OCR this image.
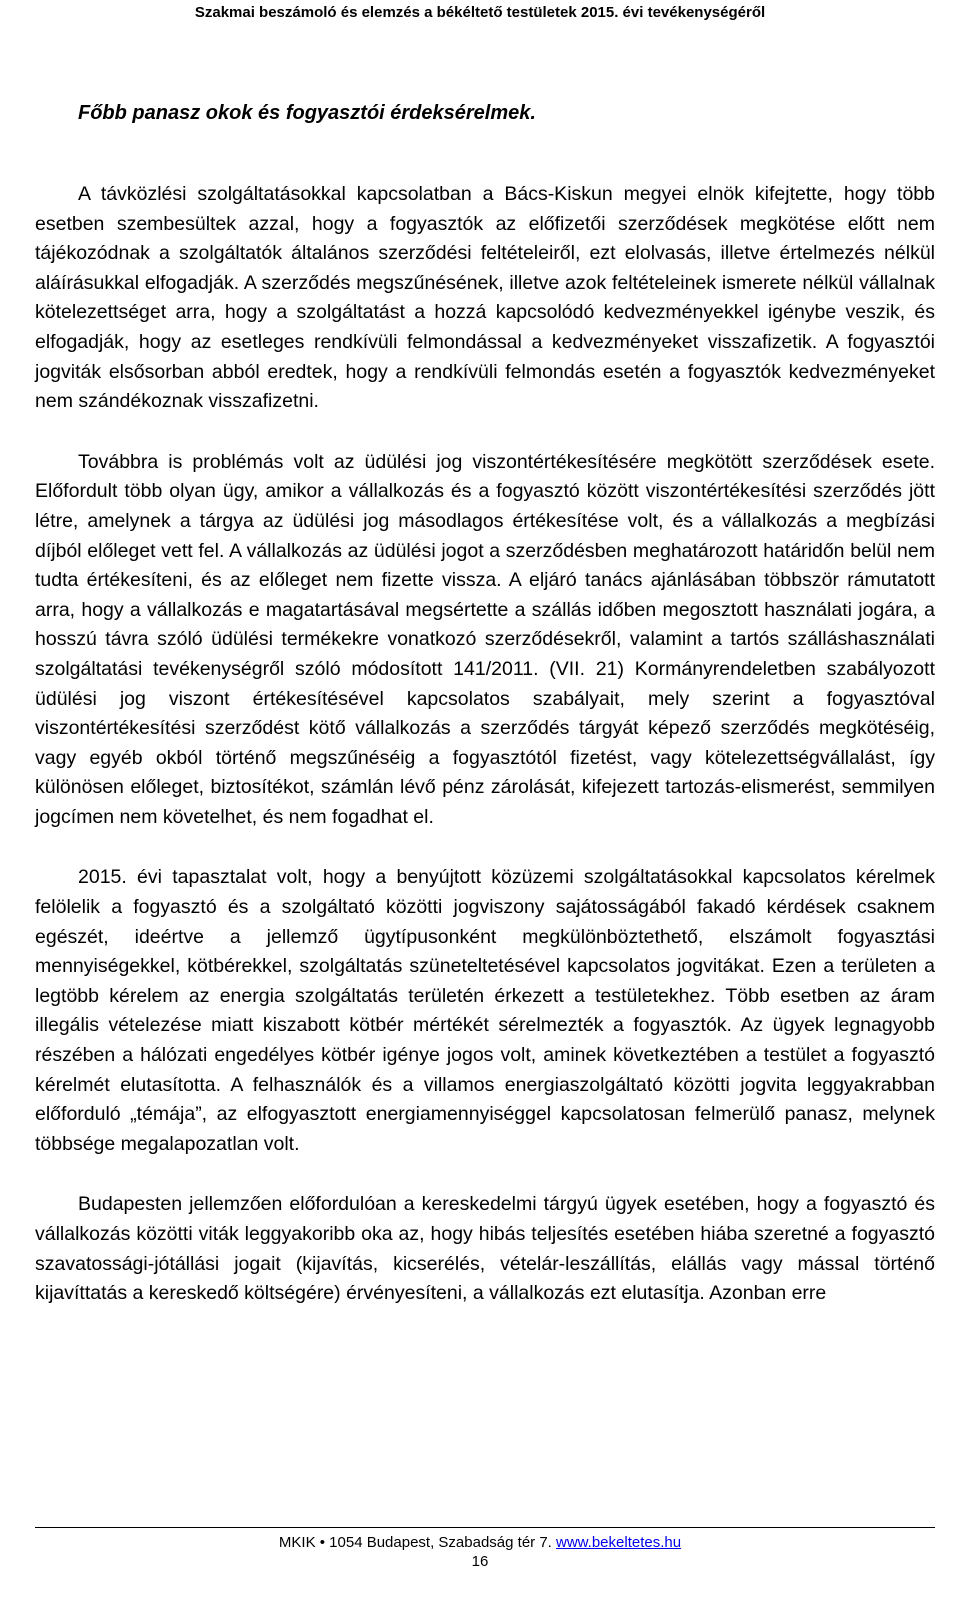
Szakmai beszámoló és elemzés a békéltető testületek 2015. évi tevékenységéről
Főbb panasz okok és fogyasztói érdeksérelmek.

A távközlési szolgáltatásokkal kapcsolatban a Bács-Kiskun megyei elnök kifejtette, hogy több esetben szembesültek azzal, hogy a fogyasztók az előfizetői szerződések megkötése előtt nem tájékozódnak a szolgáltatók általános szerződési feltételeiről, ezt elolvasás, illetve értelmezés nélkül aláírásukkal elfogadják. A szerződés megszűnésének, illetve azok feltételeinek ismerete nélkül vállalnak kötelezettséget arra, hogy a szolgáltatást a hozzá kapcsolódó kedvezményekkel igénybe veszik, és elfogadják, hogy az esetleges rendkívüli felmondással a kedvezményeket visszafizetik. A fogyasztói jogviták elsősorban abból eredtek, hogy a rendkívüli felmondás esetén a fogyasztók kedvezményeket nem szándékoznak visszafizetni.

Továbbra is problémás volt az üdülési jog viszontértékesítésére megkötött szerződések esete. Előfordult több olyan ügy, amikor a vállalkozás és a fogyasztó között viszontértékesítési szerződés jött létre, amelynek a tárgya az üdülési jog másodlagos értékesítése volt, és a vállalkozás a megbízási díjból előleget vett fel. A vállalkozás az üdülési jogot a szerződésben meghatározott határidőn belül nem tudta értékesíteni, és az előleget nem fizette vissza. A eljáró tanács ajánlásában többször rámutatott arra, hogy a vállalkozás e magatartásával megsértette a szállás időben megosztott használati jogára, a hosszú távra szóló üdülési termékekre vonatkozó szerződésekről, valamint a tartós szálláshasználati szolgáltatási tevékenységről szóló módosított 141/2011. (VII. 21) Kormányrendeletben szabályozott üdülési jog viszont értékesítésével kapcsolatos szabályait, mely szerint a fogyasztóval viszontértékesítési szerződést kötő vállalkozás a szerződés tárgyát képező szerződés megkötéséig, vagy egyéb okból történő megszűnéséig a fogyasztótól fizetést, vagy kötelezettségvállalást, így különösen előleget, biztosítékot, számlán lévő pénz zárolását, kifejezett tartozás-elismerést, semmilyen jogcímen nem követelhet, és nem fogadhat el.

2015. évi tapasztalat volt, hogy a benyújtott közüzemi szolgáltatásokkal kapcsolatos kérelmek felölelik a fogyasztó és a szolgáltató közötti jogviszony sajátosságából fakadó kérdések csaknem egészét, ideértve a jellemző ügytípusonként megkülönböztethető, elszámolt fogyasztási mennyiségekkel, kötbérekkel, szolgáltatás szüneteltetésével kapcsolatos jogvitákat. Ezen a területen a legtöbb kérelem az energia szolgáltatás területén érkezett a testületekhez. Több esetben az áram illegális vételezése miatt kiszabott kötbér mértékét sérelmezték a fogyasztók. Az ügyek legnagyobb részében a hálózati engedélyes kötbér igénye jogos volt, aminek következtében a testület a fogyasztó kérelmét elutasította. A felhasználók és a villamos energiaszolgáltató közötti jogvita leggyakrabban előforduló „témája”, az elfogyasztott energiamennyiséggel kapcsolatosan felmerülő panasz, melynek többsége megalapozatlan volt.

Budapesten jellemzően előfordulóan a kereskedelmi tárgyú ügyek esetében, hogy a fogyasztó és vállalkozás közötti viták leggyakoribb oka az, hogy hibás teljesítés esetében hiába szeretné a fogyasztó szavatossági-jótállási jogait (kijavítás, kicserélés, vételár-leszállítás, elállás vagy mással történő kijavíttatás a kereskedő költségére) érvényesíteni, a vállalkozás ezt elutasítja. Azonban erre

MKIK • 1054 Budapest, Szabadság tér 7. www.bekeltetes.hu
16
